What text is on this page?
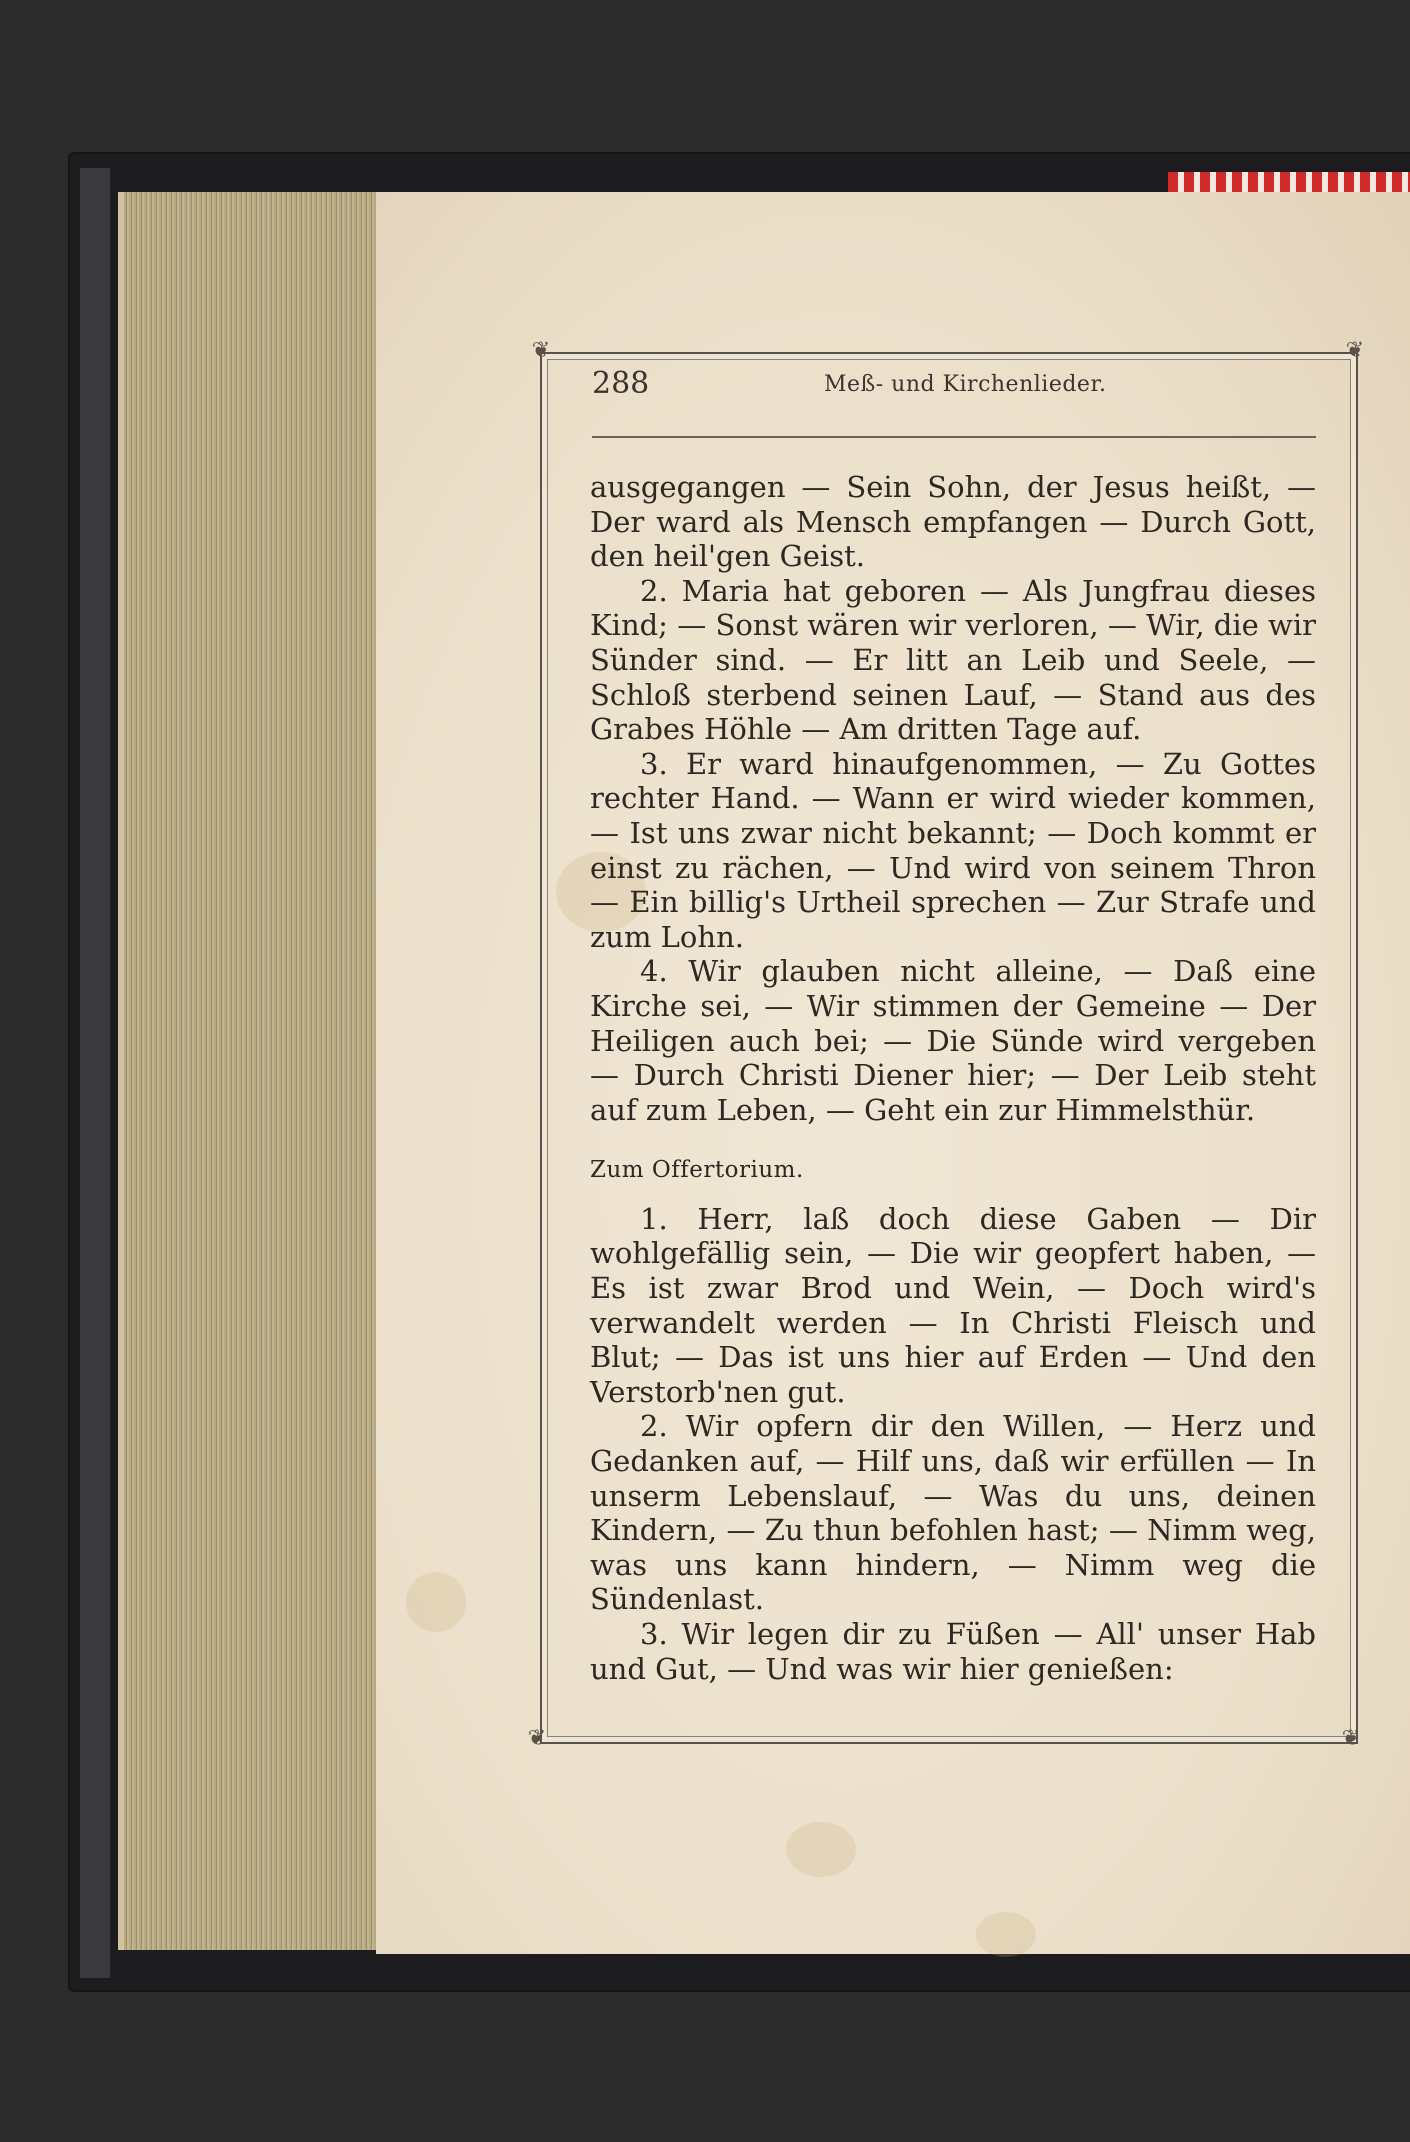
❦	❦
❦	❦
288	Meß- und Kirchenlieder.

ausgegangen — Sein Sohn, der Jesus heißt, — Der ward als Mensch empfangen — Durch Gott, den heil'gen Geist.

2. Maria hat geboren — Als Jungfrau dieses Kind; — Sonst wären wir verloren, — Wir, die wir Sünder sind. — Er litt an Leib und Seele, — Schloß sterbend seinen Lauf, — Stand aus des Grabes Höhle — Am dritten Tage auf.

3. Er ward hinaufgenommen, — Zu Gottes rechter Hand. — Wann er wird wieder kommen, — Ist uns zwar nicht bekannt; — Doch kommt er einst zu rächen, — Und wird von seinem Thron — Ein billig's Urtheil sprechen — Zur Strafe und zum Lohn.

4. Wir glauben nicht alleine, — Daß eine Kirche sei, — Wir stimmen der Gemeine — Der Heiligen auch bei; — Die Sünde wird vergeben — Durch Christi Diener hier; — Der Leib steht auf zum Leben, — Geht ein zur Himmelsthür.

Zum Offertorium.

1. Herr, laß doch diese Gaben — Dir wohlgefällig sein, — Die wir geopfert haben, — Es ist zwar Brod und Wein, — Doch wird's verwandelt werden — In Christi Fleisch und Blut; — Das ist uns hier auf Erden — Und den Verstorb'nen gut.

2. Wir opfern dir den Willen, — Herz und Gedanken auf, — Hilf uns, daß wir erfüllen — In unserm Lebenslauf, — Was du uns, deinen Kindern, — Zu thun befohlen hast; — Nimm weg, was uns kann hindern, — Nimm weg die Sündenlast.

3. Wir legen dir zu Füßen — All' unser Hab und Gut, — Und was wir hier genießen:
